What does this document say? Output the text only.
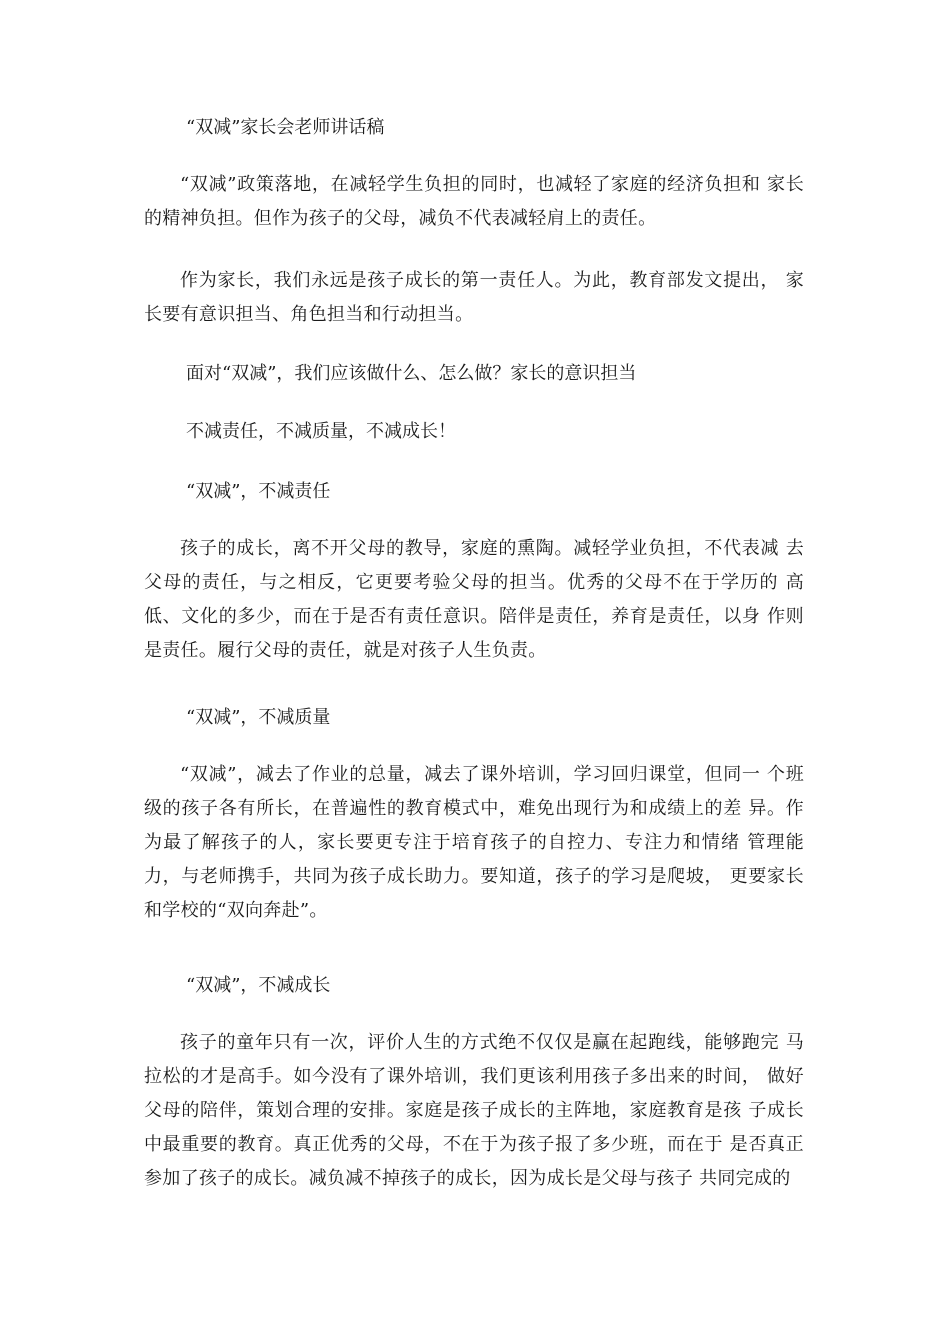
“双减”家长会老师讲话稿
“双减”政策落地，在减轻学生负担的同时，也减轻了家庭的经济负担和 家长的精神负担。但作为孩子的父母，减负不代表减轻肩上的责任。
作为家长，我们永远是孩子成长的第一责任人。为此，教育部发文提出， 家长要有意识担当、角色担当和行动担当。
面对“双减”，我们应该做什么、怎么做？家长的意识担当
不减责任，不减质量，不减成长！
“双减”，不减责任
孩子的成长，离不开父母的教导，家庭的熏陶。减轻学业负担，不代表减 去父母的责任，与之相反，它更要考验父母的担当。优秀的父母不在于学历的 高低、文化的多少，而在于是否有责任意识。陪伴是责任，养育是责任，以身 作则是责任。履行父母的责任，就是对孩子人生负责。
“双减”，不减质量
“双减”，减去了作业的总量，减去了课外培训，学习回归课堂，但同一 个班级的孩子各有所长，在普遍性的教育模式中，难免出现行为和成绩上的差 异。作为最了解孩子的人，家长要更专注于培育孩子的自控力、专注力和情绪 管理能力，与老师携手，共同为孩子成长助力。要知道，孩子的学习是爬坡， 更要家长和学校的“双向奔赴”。
“双减”，不减成长
孩子的童年只有一次，评价人生的方式绝不仅仅是赢在起跑线，能够跑完 马拉松的才是高手。如今没有了课外培训，我们更该利用孩子多出来的时间， 做好父母的陪伴，策划合理的安排。家庭是孩子成长的主阵地，家庭教育是孩 子成长中最重要的教育。真正优秀的父母，不在于为孩子报了多少班，而在于 是否真正参加了孩子的成长。减负减不掉孩子的成长，因为成长是父母与孩子 共同完成的
